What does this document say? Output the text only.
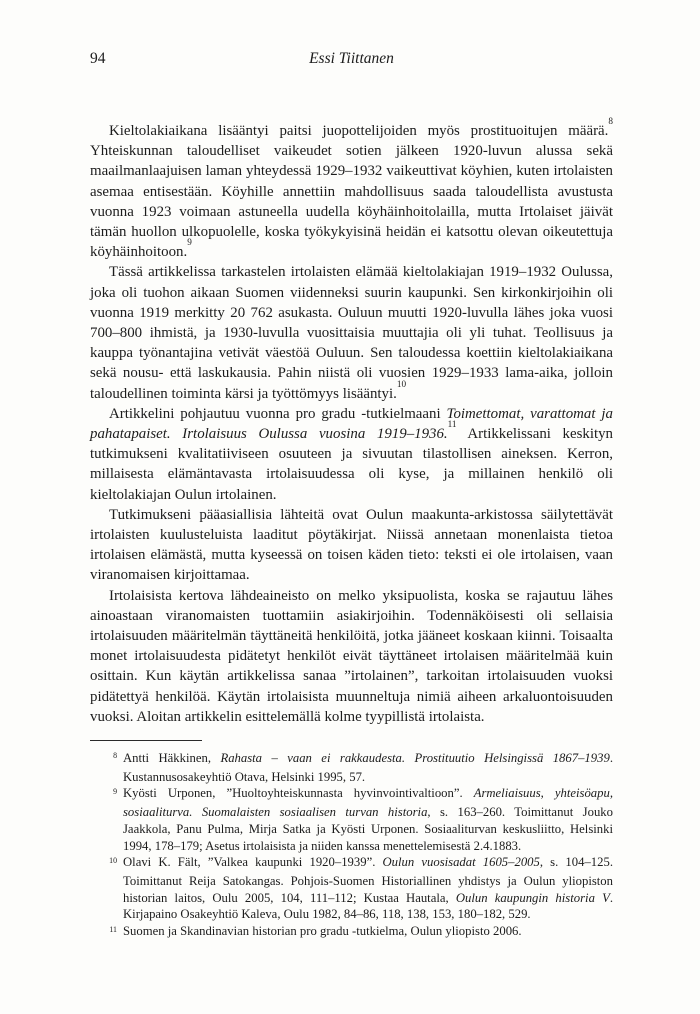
94	Essi Tiittanen

Kieltolakiaikana lisääntyi paitsi juopottelijoiden myös prostituoitujen määrä.$^8$ Yhteiskunnan taloudelliset vaikeudet sotien jälkeen 1920-luvun alussa sekä maailmanlaajuisen laman yhteydessä 1929–1932 vaikeuttivat köyhien, kuten irtolaisten asemaa entisestään. Köyhille annettiin mahdollisuus saada taloudellista avustusta vuonna 1923 voimaan astuneella uudella köyhäinhoitolailla, mutta Irtolaiset jäivät tämän huollon ulkopuolelle, koska työkykyisinä heidän ei katsottu olevan oikeutettuja köyhäinhoitoon.$^9$

Tässä artikkelissa tarkastelen irtolaisten elämää kieltolakiajan 1919–1932 Oulussa, joka oli tuohon aikaan Suomen viidenneksi suurin kaupunki. Sen kirkonkirjoihin oli vuonna 1919 merkitty 20 762 asukasta. Ouluun muutti 1920-luvulla lähes joka vuosi 700–800 ihmistä, ja 1930-luvulla vuosittaisia muuttajia oli yli tuhat. Teollisuus ja kauppa työnantajina vetivät väestöä Ouluun. Sen taloudessa koettiin kieltolakiaikana sekä nousu- että laskukausia. Pahin niistä oli vuosien 1929–1933 lama-aika, jolloin taloudellinen toiminta kärsi ja työttömyys lisääntyi.$^{10}$

Artikkelini pohjautuu vuonna pro gradu -tutkielmaani Toimettomat, varattomat ja pahatapaiset. Irtolaisuus Oulussa vuosina 1919–1936.11 Artikkelissani keskityn tutkimukseni kvalitatiiviseen osuuteen ja sivuutan tilastollisen aineksen. Kerron, millaisesta elämäntavasta irtolaisuudessa oli kyse, ja millainen henkilö oli kieltolakiajan Oulun irtolainen.

Tutkimukseni pääasiallisia lähteitä ovat Oulun maakunta-arkistossa säilytettävät irtolaisten kuulusteluista laaditut pöytäkirjat. Niissä annetaan monenlaista tietoa irtolaisen elämästä, mutta kyseessä on toisen käden tieto: teksti ei ole irtolaisen, vaan viranomaisen kirjoittamaa.

Irtolaisista kertova lähdeaineisto on melko yksipuolista, koska se rajautuu lähes ainoastaan viranomaisten tuottamiin asiakirjoihin. Todennäköisesti oli sellaisia irtolaisuuden määritelmän täyttäneitä henkilöitä, jotka jääneet koskaan kiinni. Toisaalta monet irtolaisuudesta pidätetyt henkilöt eivät täyttäneet irtolaisen määritelmää kuin osittain. Kun käytän artikkelissa sanaa ”irtolainen”, tarkoitan irtolaisuuden vuoksi pidätettyä henkilöä. Käytän irtolaisista muunneltuja nimiä aiheen arkaluontoisuuden vuoksi. Aloitan artikkelin esittelemällä kolme tyypillistä irtolaista.

8 Antti Häkkinen, Rahasta – vaan ei rakkaudesta. Prostituutio Helsingissä 1867–1939. Kustannusosakeyhtiö Otava, Helsinki 1995, 57.

9 Kyösti Urponen, ”Huoltoyhteiskunnasta hyvinvointivaltioon”. Armeliaisuus, yhteisöapu, sosiaaliturva. Suomalaisten sosiaalisen turvan historia, s. 163–260. Toimittanut Jouko Jaakkola, Panu Pulma, Mirja Satka ja Kyösti Urponen. Sosiaaliturvan keskusliitto, Helsinki 1994, 178–179; Asetus irtolaisista ja niiden kanssa menettelemisestä 2.4.1883.

10 Olavi K. Fält, ”Valkea kaupunki 1920–1939”. Oulun vuosisadat 1605–2005, s. 104–125. Toimittanut Reija Satokangas. Pohjois-Suomen Historiallinen yhdistys ja Oulun yliopiston historian laitos, Oulu 2005, 104, 111–112; Kustaa Hautala, Oulun kaupungin historia V. Kirjapaino Osakeyhtiö Kaleva, Oulu 1982, 84–86, 118, 138, 153, 180–182, 529.

11 Suomen ja Skandinavian historian pro gradu -tutkielma, Oulun yliopisto 2006.
